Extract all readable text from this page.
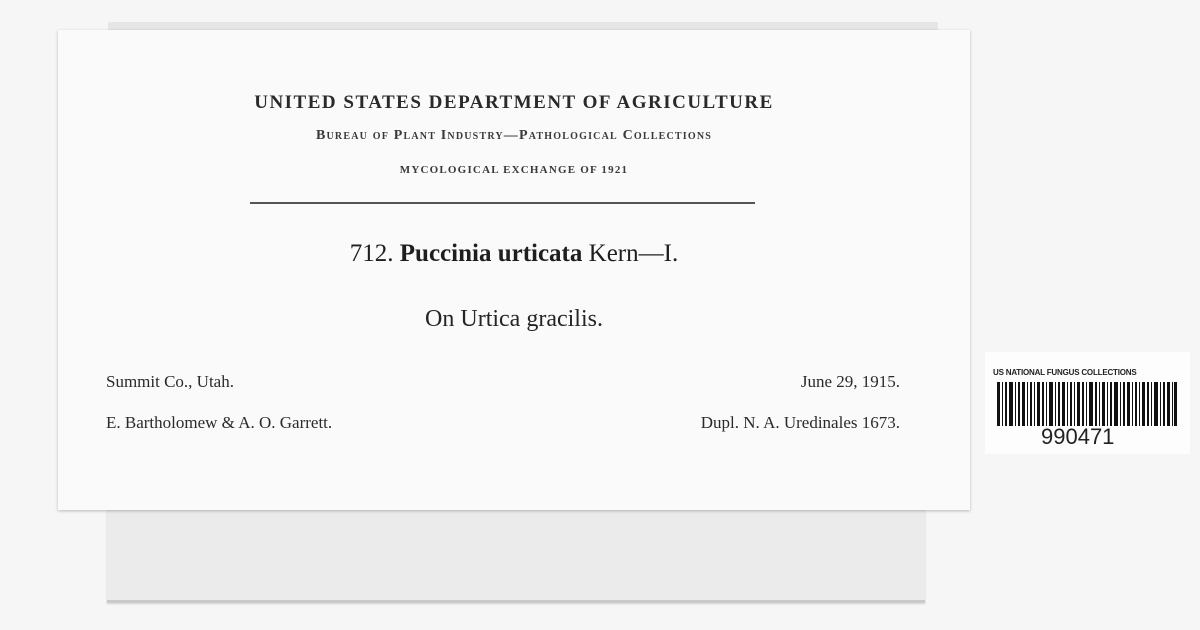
UNITED STATES DEPARTMENT OF AGRICULTURE
Bureau of Plant Industry—Pathological Collections
MYCOLOGICAL EXCHANGE OF 1921
712. Puccinia urticata Kern—I.
On Urtica gracilis.
Summit Co., Utah.	June 29, 1915.
E. Bartholomew & A. O. Garrett.	Dupl. N. A. Uredinales 1673.
US NATIONAL FUNGUS COLLECTIONS
990471
